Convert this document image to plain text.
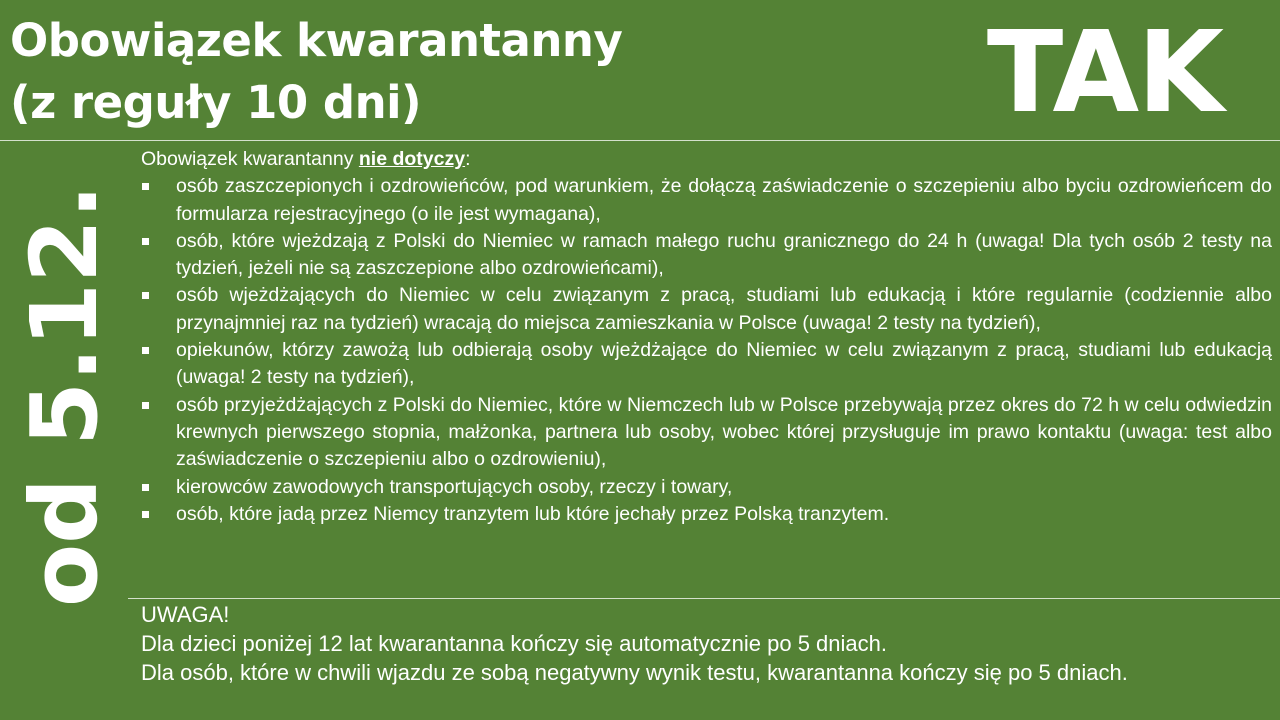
Obowiązek kwarantanny
(z reguły 10 dni)	TAK
od 5.12.

Obowiązek kwarantanny nie dotyczy:

osób zaszczepionych i ozdrowieńców, pod warunkiem, że dołączą zaświadczenie o szczepieniu albo byciu ozdrowieńcem do formularza rejestracyjnego (o ile jest wymagana),
osób, które wjeżdzają z Polski do Niemiec w ramach małego ruchu granicznego do 24 h (uwaga! Dla tych osób 2 testy na tydzień, jeżeli nie są zaszczepione albo ozdrowieńcami),
osób wjeżdżających do Niemiec w celu związanym z pracą, studiami lub edukacją i które regularnie (codziennie albo przynajmniej raz na tydzień) wracają do miejsca zamieszkania w Polsce (uwaga! 2 testy na tydzień),
opiekunów, którzy zawożą lub odbierają osoby wjeżdżające do Niemiec w celu związanym z pracą, studiami lub edukacją (uwaga! 2 testy na tydzień),
osób przyjeżdżających z Polski do Niemiec, które w Niemczech lub w Polsce przebywają przez okres do 72 h w celu odwiedzin krewnych pierwszego stopnia, małżonka, partnera lub osoby, wobec której przysługuje im prawo kontaktu (uwaga: test albo zaświadczenie o szczepieniu albo o ozdrowieniu),
kierowców zawodowych transportujących osoby, rzeczy i towary,
osób, które jadą przez Niemcy tranzytem lub które jechały przez Polską tranzytem.

UWAGA!

Dla dzieci poniżej 12 lat kwarantanna kończy się automatycznie po 5 dniach.

Dla osób, które w chwili wjazdu ze sobą negatywny wynik testu, kwarantanna kończy się po 5 dniach.
